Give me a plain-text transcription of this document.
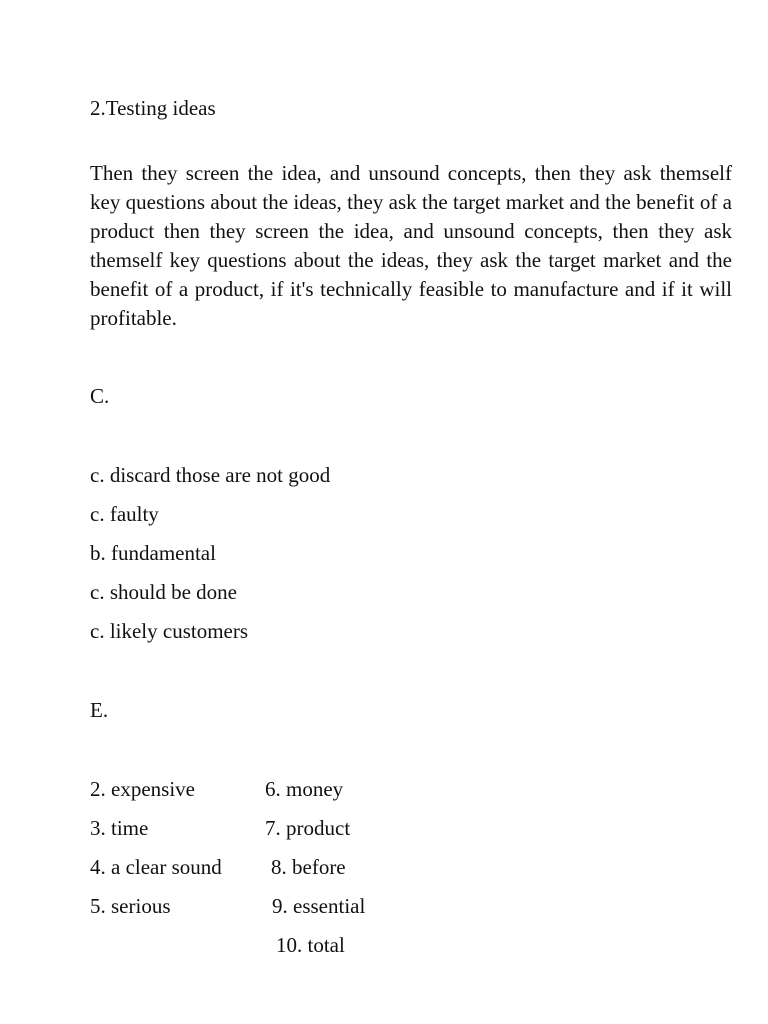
2.Testing ideas

Then they screen the idea, and unsound concepts, then they ask themself key questions about the ideas, they ask the target market and the benefit of a product then they screen the idea, and unsound concepts, then they ask themself key questions about the ideas, they ask the target market and the benefit of a product, if it's technically feasible to manufacture and if it will profitable.

C.
c. discard those are not good
c. faulty
b. fundamental
c. should be done
c. likely customers
E.
2. expensive
3. time
4. a clear sound
5. serious
6. money
7. product
8. before
9. essential
10. total
